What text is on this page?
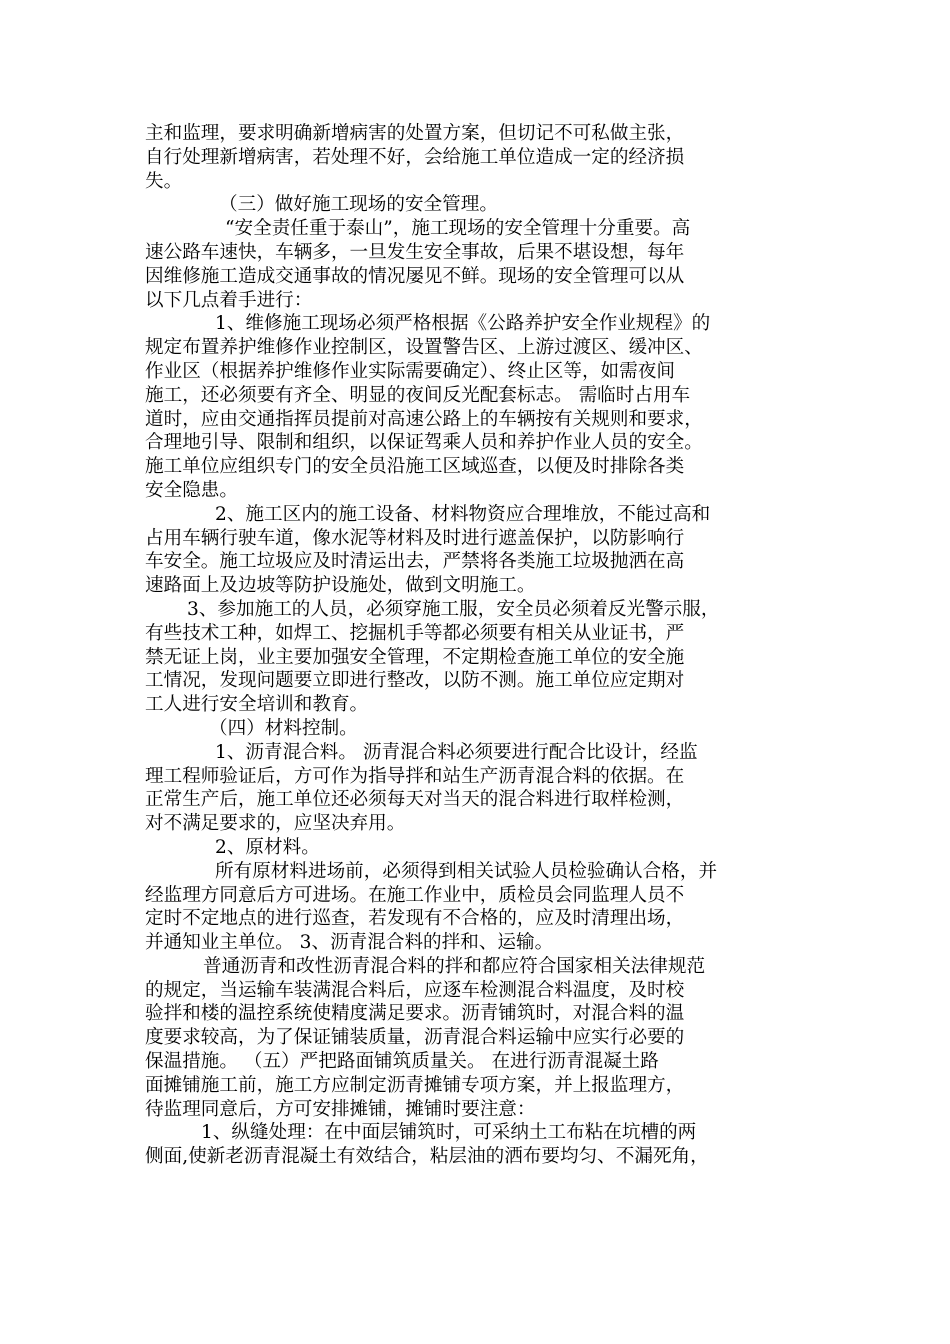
主和监理，要求明确新增病害的处置方案，但切记不可私做主张，
自行处理新增病害，若处理不好，会给施工单位造成一定的经济损
失。
（三）做好施工现场的安全管理。
“安全责任重于泰山”，施工现场的安全管理十分重要。高
速公路车速快，车辆多，一旦发生安全事故，后果不堪设想，每年
因维修施工造成交通事故的情况屡见不鲜。现场的安全管理可以从
以下几点着手进行：
1、维修施工现场必须严格根据《公路养护安全作业规程》的
规定布置养护维修作业控制区，设置警告区、上游过渡区、缓冲区、
作业区（根据养护维修作业实际需要确定）、终止区等，如需夜间
施工，还必须要有齐全、明显的夜间反光配套标志。 需临时占用车
道时，应由交通指挥员提前对高速公路上的车辆按有关规则和要求，
合理地引导、限制和组织，以保证驾乘人员和养护作业人员的安全。
施工单位应组织专门的安全员沿施工区域巡查，以便及时排除各类
安全隐患。
2、施工区内的施工设备、材料物资应合理堆放，不能过高和
占用车辆行驶车道，像水泥等材料及时进行遮盖保护，以防影响行
车安全。施工垃圾应及时清运出去，严禁将各类施工垃圾抛洒在高
速路面上及边坡等防护设施处，做到文明施工。
3、参加施工的人员，必须穿施工服，安全员必须着反光警示服，
有些技术工种，如焊工、挖掘机手等都必须要有相关从业证书，严
禁无证上岗，业主要加强安全管理，不定期检查施工单位的安全施
工情况，发现问题要立即进行整改，以防不测。施工单位应定期对
工人进行安全培训和教育。
（四）材料控制。
1、沥青混合料。 沥青混合料必须要进行配合比设计，经监
理工程师验证后，方可作为指导拌和站生产沥青混合料的依据。在
正常生产后，施工单位还必须每天对当天的混合料进行取样检测，
对不满足要求的，应坚决弃用。
2、原材料。
所有原材料进场前，必须得到相关试验人员检验确认合格，并
经监理方同意后方可进场。在施工作业中，质检员会同监理人员不
定时不定地点的进行巡查，若发现有不合格的，应及时清理出场，
并通知业主单位。 3、沥青混合料的拌和、运输。
普通沥青和改性沥青混合料的拌和都应符合国家相关法律规范
的规定，当运输车装满混合料后，应逐车检测混合料温度，及时校
验拌和楼的温控系统使精度满足要求。沥青铺筑时，对混合料的温
度要求较高，为了保证铺装质量，沥青混合料运输中应实行必要的
保温措施。 （五）严把路面铺筑质量关。 在进行沥青混凝土路
面摊铺施工前，施工方应制定沥青摊铺专项方案，并上报监理方，
待监理同意后，方可安排摊铺，摊铺时要注意：
1、纵缝处理：在中面层铺筑时，可采纳土工布粘在坑槽的两
侧面,使新老沥青混凝土有效结合，粘层油的洒布要均匀、不漏死角，
